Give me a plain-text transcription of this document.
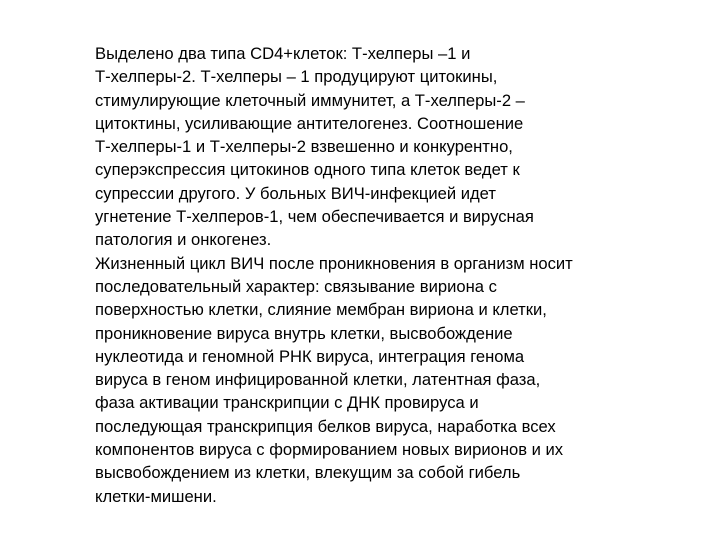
Выделено два типа CD4+клеток: Т-хелперы –1 и
Т-хелперы-2. Т-хелперы – 1 продуцируют цитокины,
стимулирующие клеточный иммунитет, а Т-хелперы-2 –
цитоктины, усиливающие антителогенез. Соотношение
Т-хелперы-1 и Т-хелперы-2 взвешенно и конкурентно,
суперэкспрессия цитокинов одного типа клеток ведет к
супрессии другого. У больных ВИЧ-инфекцией идет
угнетение Т-хелперов-1, чем обеспечивается и вирусная
патология и онкогенез.
Жизненный цикл ВИЧ после проникновения в организм носит
последовательный характер: связывание вириона с
поверхностью клетки, слияние мембран вириона и клетки,
проникновение вируса внутрь клетки, высвобождение
нуклеотида и геномной РНК вируса, интеграция генома
вируса в геном инфицированной клетки, латентная фаза,
фаза активации транскрипции с ДНК провируса и
последующая транскрипция белков вируса, наработка всех
компонентов вируса с формированием новых вирионов и их
высвобождением из клетки, влекущим за собой гибель
клетки-мишени.
